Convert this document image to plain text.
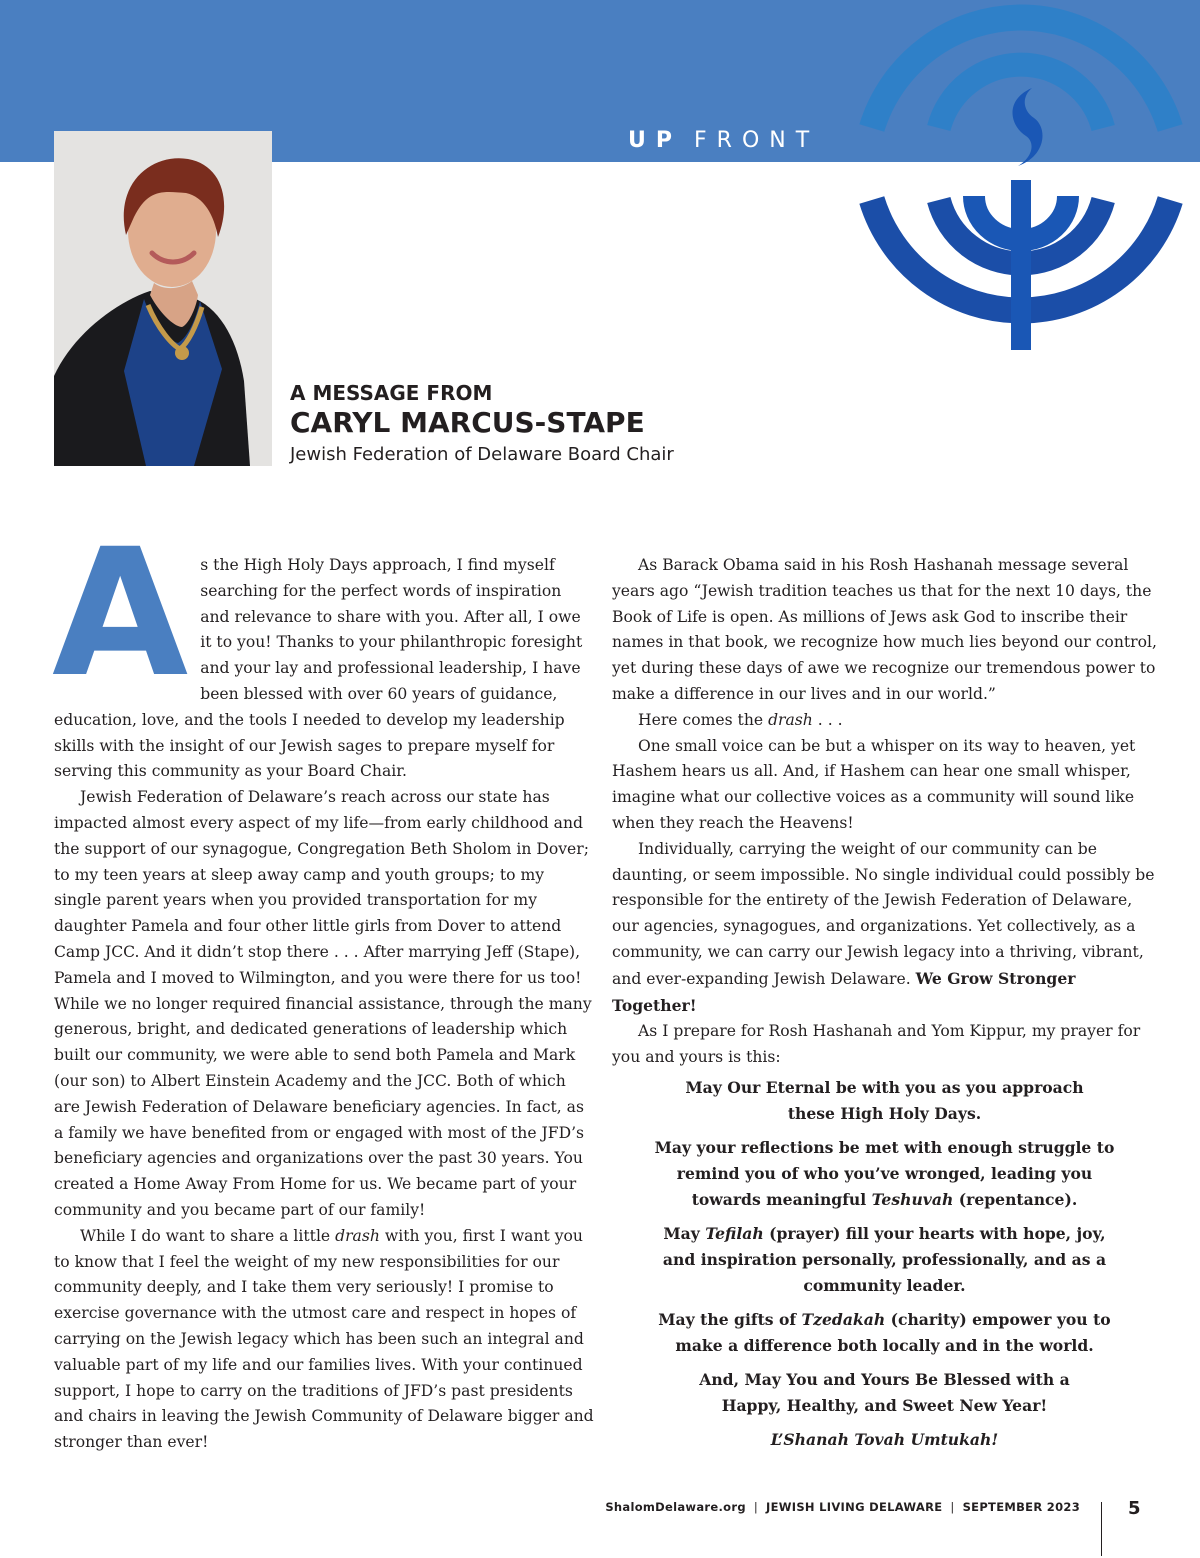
UP FRONT

A MESSAGE FROM

CARYL MARCUS-STAPE

Jewish Federation of Delaware Board Chair

As the High Holy Days approach, I find myself searching for the perfect words of inspiration and relevance to share with you. After all, I owe it to you! Thanks to your philanthropic foresight and your lay and professional leadership, I have been blessed with over 60 years of guidance, education, love, and the tools I needed to develop my leadership skills with the insight of our Jewish sages to prepare myself for serving this community as your Board Chair.

Jewish Federation of Delaware’s reach across our state has impacted almost every aspect of my life—from early childhood and the support of our synagogue, Congregation Beth Sholom in Dover; to my teen years at sleep away camp and youth groups; to my single parent years when you provided transportation for my daughter Pamela and four other little girls from Dover to attend Camp JCC. And it didn’t stop there . . . After marrying Jeff (Stape), Pamela and I moved to Wilmington, and you were there for us too! While we no longer required financial assistance, through the many generous, bright, and dedicated generations of leadership which built our community, we were able to send both Pamela and Mark (our son) to Albert Einstein Academy and the JCC. Both of which are Jewish Federation of Delaware beneficiary agencies. In fact, as a family we have benefited from or engaged with most of the JFD’s beneficiary agencies and organizations over the past 30 years. You created a Home Away From Home for us. We became part of your community and you became part of our family!

While I do want to share a little drash with you, first I want you to know that I feel the weight of my new responsibilities for our community deeply, and I take them very seriously! I promise to exercise governance with the utmost care and respect in hopes of carrying on the Jewish legacy which has been such an integral and valuable part of my life and our families lives. With your continued support, I hope to carry on the traditions of JFD’s past presidents and chairs in leaving the Jewish Community of Delaware bigger and stronger than ever!

As Barack Obama said in his Rosh Hashanah message several years ago “Jewish tradition teaches us that for the next 10 days, the Book of Life is open. As millions of Jews ask God to inscribe their names in that book, we recognize how much lies beyond our control, yet during these days of awe we recognize our tremendous power to make a difference in our lives and in our world.”

Here comes the drash . . .

One small voice can be but a whisper on its way to heaven, yet Hashem hears us all. And, if Hashem can hear one small whisper, imagine what our collective voices as a community will sound like when they reach the Heavens!

Individually, carrying the weight of our community can be daunting, or seem impossible. No single individual could possibly be responsible for the entirety of the Jewish Federation of Delaware, our agencies, synagogues, and organizations. Yet collectively, as a community, we can carry our Jewish legacy into a thriving, vibrant, and ever-expanding Jewish Delaware. We Grow Stronger Together!

As I prepare for Rosh Hashanah and Yom Kippur, my prayer for you and yours is this:

May Our Eternal be with you as you approach these High Holy Days.

May your reflections be met with enough struggle to remind you of who you’ve wronged, leading you towards meaningful Teshuvah (repentance).

May Tefilah (prayer) fill your hearts with hope, joy, and inspiration personally, professionally, and as a community leader.

May the gifts of Tzedakah (charity) empower you to make a difference both locally and in the world.

And, May You and Yours Be Blessed with a Happy, Healthy, and Sweet New Year!

L’Shanah Tovah Umtukah!

ShalomDelaware.org | JEWISH LIVING DELAWARE | SEPTEMBER 2023	5
